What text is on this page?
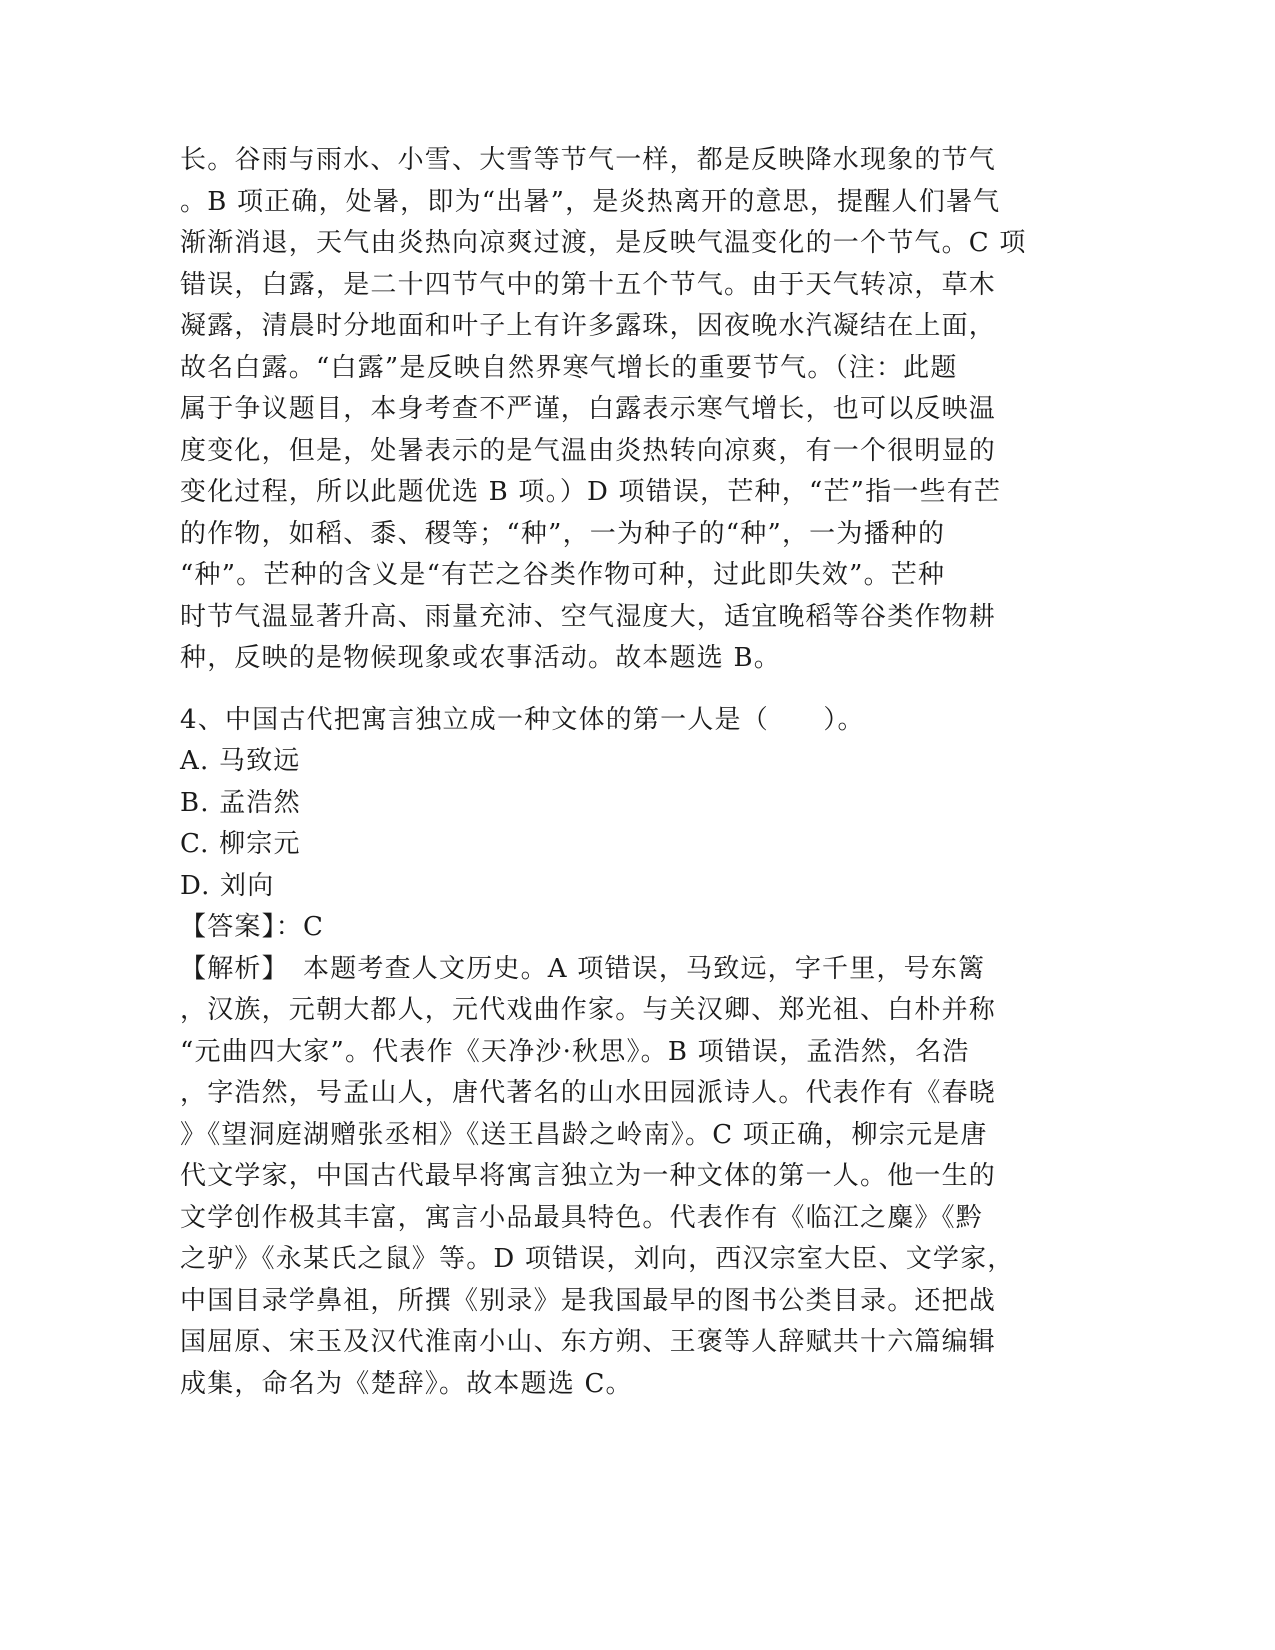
长。谷雨与雨水、小雪、大雪等节气一样，都是反映降水现象的节气
。B 项正确，处暑，即为“出暑”，是炎热离开的意思，提醒人们暑气
渐渐消退，天气由炎热向凉爽过渡，是反映气温变化的一个节气。C 项
错误，白露，是二十四节气中的第十五个节气。由于天气转凉，草木
凝露，清晨时分地面和叶子上有许多露珠，因夜晚水汽凝结在上面，
故名白露。“白露”是反映自然界寒气增长的重要节气。（注：此题
属于争议题目，本身考查不严谨，白露表示寒气增长，也可以反映温
度变化，但是，处暑表示的是气温由炎热转向凉爽，有一个很明显的
变化过程，所以此题优选 B 项。）D 项错误，芒种，“芒”指一些有芒
的作物，如稻、黍、稷等；“种”，一为种子的“种”，一为播种的
“种”。芒种的含义是“有芒之谷类作物可种，过此即失效”。芒种
时节气温显著升高、雨量充沛、空气湿度大，适宜晚稻等谷类作物耕
种，反映的是物候现象或农事活动。故本题选 B。
4、中国古代把寓言独立成一种文体的第一人是（　　）。
A. 马致远
B. 孟浩然
C. 柳宗元
D. 刘向
【答案】：C
【解析】　本题考查人文历史。A 项错误，马致远，字千里，号东篱
，汉族，元朝大都人，元代戏曲作家。与关汉卿、郑光祖、白朴并称
“元曲四大家”。代表作《天净沙·秋思》。B 项错误，孟浩然，名浩
，字浩然，号孟山人，唐代著名的山水田园派诗人。代表作有《春晓
》《望洞庭湖赠张丞相》《送王昌龄之岭南》。C 项正确，柳宗元是唐
代文学家，中国古代最早将寓言独立为一种文体的第一人。他一生的
文学创作极其丰富，寓言小品最具特色。代表作有《临江之麋》《黔
之驴》《永某氏之鼠》等。D 项错误，刘向，西汉宗室大臣、文学家，
中国目录学鼻祖，所撰《别录》是我国最早的图书公类目录。还把战
国屈原、宋玉及汉代淮南小山、东方朔、王褒等人辞赋共十六篇编辑
成集，命名为《楚辞》。故本题选 C。
